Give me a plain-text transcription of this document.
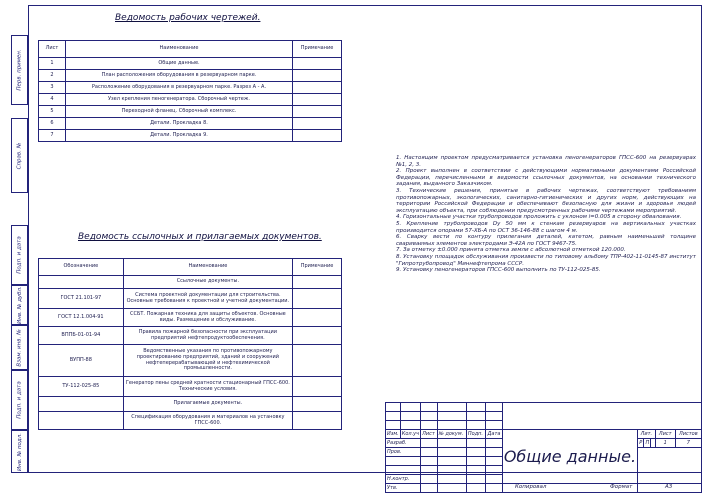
Перв. примен.
Справ. №
Подп. и дата
Инв. № дубл.
Взам. инв. №
Подп. и дата
Инв. № подл.
Ведомость рабочих чертежей.
Лист	Наименование	Примечание
1	Общие данные.	
2	План расположения оборудования в резервуарном парке.	
3	Расположение оборудования в резервуарном парке. Разрез А - А.	
4	Узел крепления пеногенератора. Сборочный чертеж.	
5	Переходной фланец. Сборочный комплекс.	
6	Детали. Прокладка 8.	
7	Детали. Прокладка 9.	
Ведомость ссылочных и прилагаемых документов.
Обозначение	Наименование	Примечание
	Ссылочные документы.	
ГОСТ 21.101-97	Система проектной документации для строительства. Основные требования к проектной и учетной документации.	
ГОСТ 12.1.004-91	ССБТ. Пожарная техника для защиты объектов. Основные виды. Размещение и обслуживание.	
ВППБ-01-01-94	Правила пожарной безопасности при эксплуатации предприятий нефтепродуктообеспечения.	
ВУПП-88	Ведомственные указания по противопожарному проектированию предприятий, зданий и сооружений нефтеперерабатывающей и нефтехимической промышленности.	
ТУ-112-025-85	Генератор пены средней кратности стационарный ГПСС-600. Технические условия.	
	Прилагаемые документы.	
	Спецификация оборудования и материалов на установку ГПСС-600.	

1. Настоящим проектом предусматривается установка пеногенераторов ГПСС-600 на резервуарах №1, 2, 3.

2. Проект выполнен в соответствии с действующими нормативными документами Российской Федерации, перечисленными в ведомости ссылочных документов, на основании технического задания, выданного Заказчиком.

3. Технические решения, принятые в рабочих чертежах, соответствуют требованиям противопожарных, экологических, санитарно-гигиенических и других норм, действующих на территории Российской Федерации и обеспечивают безопасную для жизни и здоровья людей эксплуатацию объекта, при соблюдении предусмотренных рабочими чертежами мероприятий.

4. Горизонтальные участки трубопроводов проложить с уклоном i=0.005 в сторону обвалования.

5. Крепление трубопроводов Dу 50 мм к стенкам резервуаров на вертикальных участках производится опорами 57-ХБ-А по ОСТ 36-146-88 с шагом 4 м.

6. Сварку вести по контуру прилегания деталей, катетом, равным наименьшей толщине свариваемых элементов электродами Э-42А по ГОСТ 9467-75.

7. За отметку ±0.000 принята отметка земли с абсолютной отметкой 120.000.

8. Установку площадок обслуживания произвести по типовому альбому ТПР-402-11-0145-87 институт "Гипротрубопровод" Миннефтепрома СССР.

9. Установку пеногенераторов ГПСС-600 выполнить по ТУ-112-025-85.

Изм.	Кол.уч	Лист	№ докум.	Подп.	Дата	Общие данные.	Лит.			Лист	Листов
Разраб.							Р	П		1	7
Пров.											

Н.контр.											
Утв.												Копировал	Формат	А3
